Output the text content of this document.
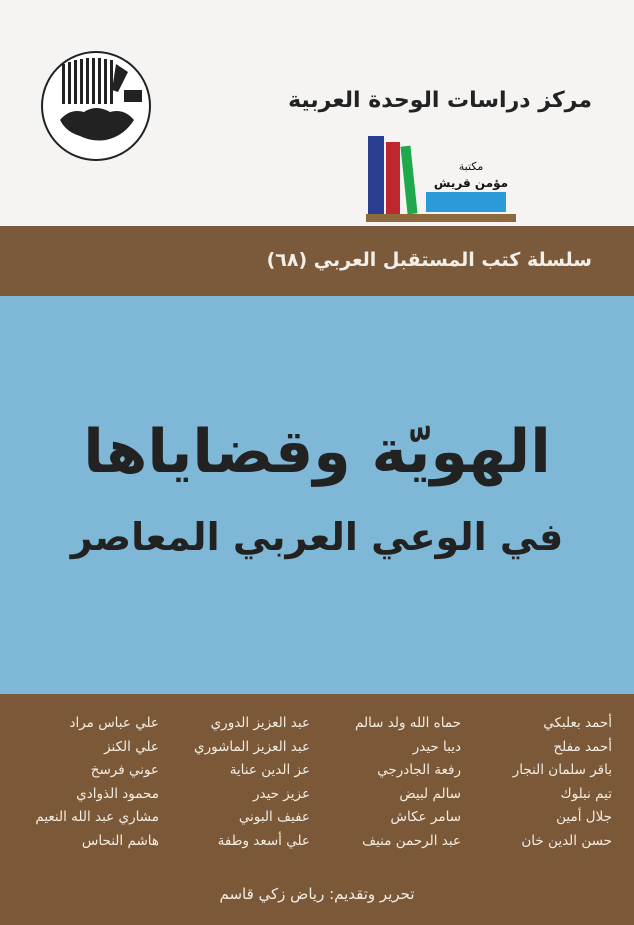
مركز دراسات الوحدة العربية
مكتبة
مؤمن قريش
سلسلة كتب المستقبل العربي (٦٨)
الهويّة وقضاياها
في الوعي العربي المعاصر
أحمد بعلبكي
أحمد مفلح
باقر سلمان النجار
تيم نبلوك
جلال أمين
حسن الدين خان
حماه الله ولد سالم
ديبا حيدر
رفعة الجادرجي
سالم لبيض
سامر عكاش
عبد الرحمن منيف
عبد العزيز الدوري
عبد العزيز الماشوري
عز الدين عناية
عزيز حيدر
عفيف البوني
علي أسعد وطفة
علي عباس مراد
علي الكنز
عوني فرسخ
محمود الذوادي
مشاري عبد الله النعيم
هاشم النحاس
تحرير وتقديم: رياض زكي قاسم
